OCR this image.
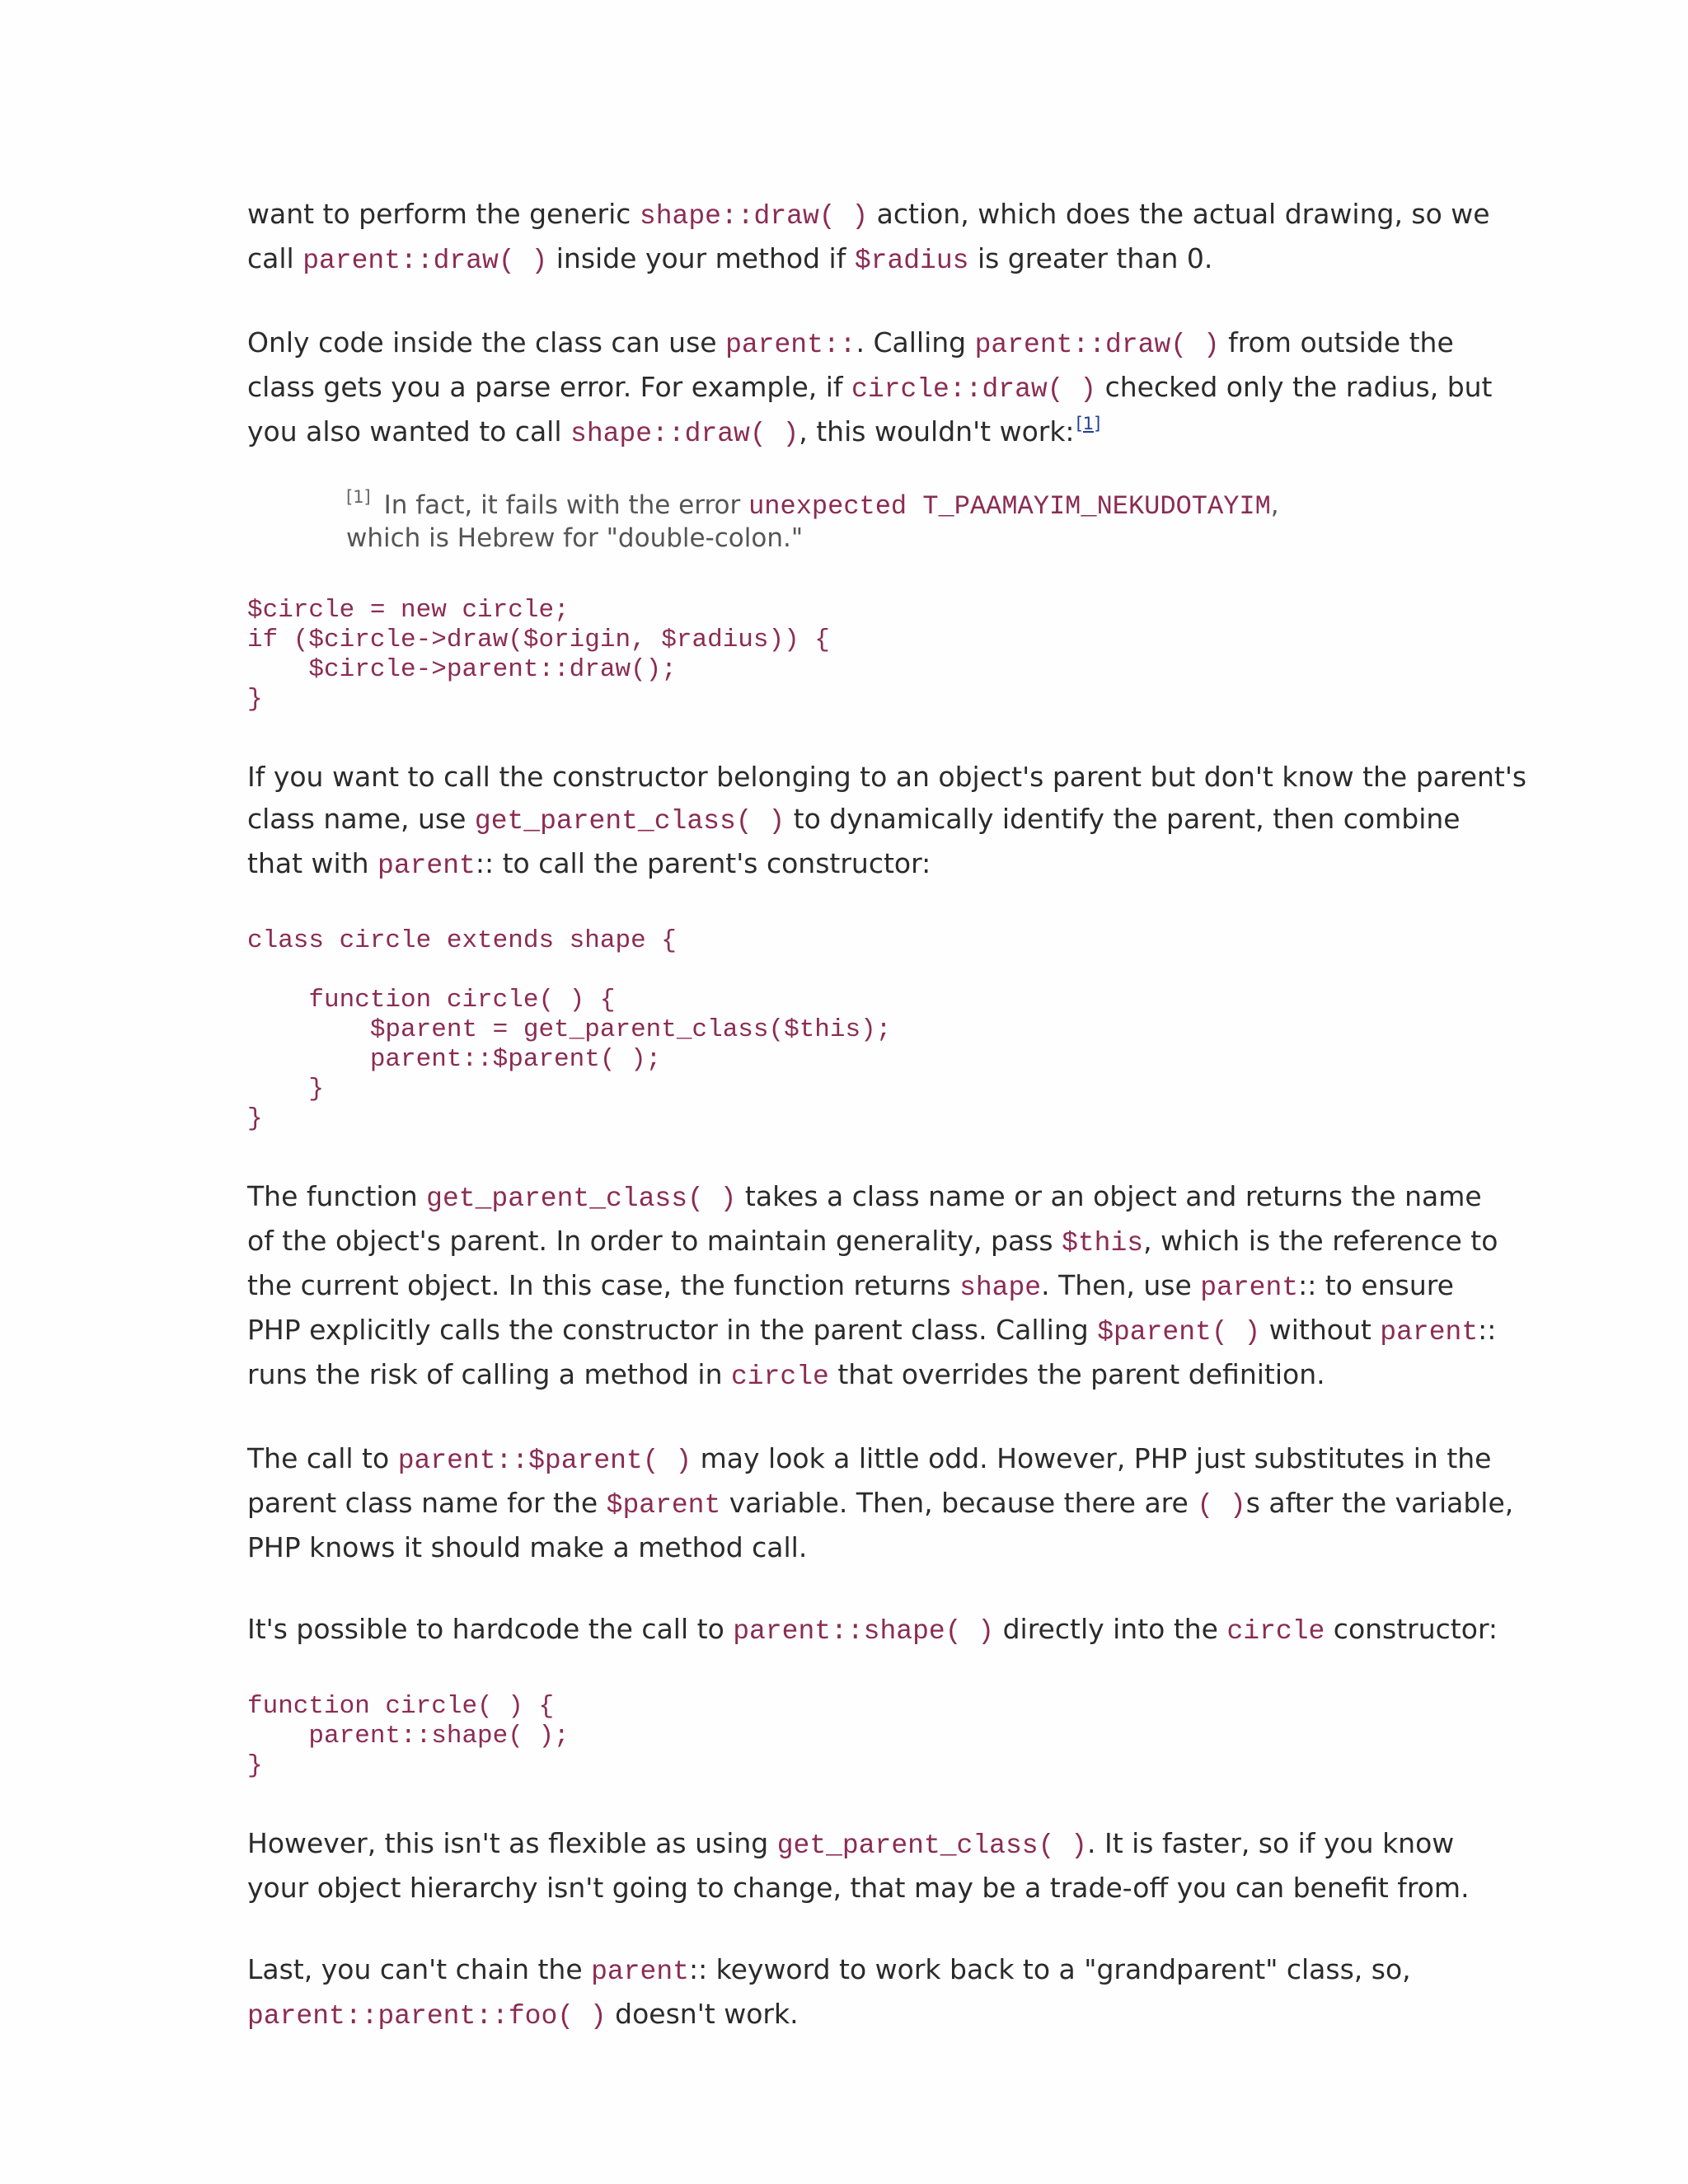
want to perform the generic shape::draw( ) action, which does the actual drawing, so we
call parent::draw( ) inside your method if $radius is greater than 0.

Only code inside the class can use parent::. Calling parent::draw( ) from outside the
class gets you a parse error. For example, if circle::draw( ) checked only the radius, but
you also wanted to call shape::draw( ), this wouldn't work:[1]

[1] In fact, it fails with the error unexpected T_PAAMAYIM_NEKUDOTAYIM,
which is Hebrew for "double-colon."
$circle = new circle;
if ($circle->draw($origin, $radius)) {
$circle->parent::draw();
}

If you want to call the constructor belonging to an object's parent but don't know the parent's
class name, use get_parent_class( ) to dynamically identify the parent, then combine
that with parent:: to call the parent's constructor:

class circle extends shape {

function circle( ) {
$parent = get_parent_class($this);
parent::$parent( );
}
}

The function get_parent_class( ) takes a class name or an object and returns the name
of the object's parent. In order to maintain generality, pass $this, which is the reference to
the current object. In this case, the function returns shape. Then, use parent:: to ensure
PHP explicitly calls the constructor in the parent class. Calling $parent( ) without parent::
runs the risk of calling a method in circle that overrides the parent definition.

The call to parent::$parent( ) may look a little odd. However, PHP just substitutes in the
parent class name for the $parent variable. Then, because there are ( )s after the variable,
PHP knows it should make a method call.

It's possible to hardcode the call to parent::shape( ) directly into the circle constructor:

function circle( ) {
parent::shape( );
}

However, this isn't as flexible as using get_parent_class( ). It is faster, so if you know
your object hierarchy isn't going to change, that may be a trade-off you can benefit from.

Last, you can't chain the parent:: keyword to work back to a "grandparent" class, so,
parent::parent::foo( ) doesn't work.
